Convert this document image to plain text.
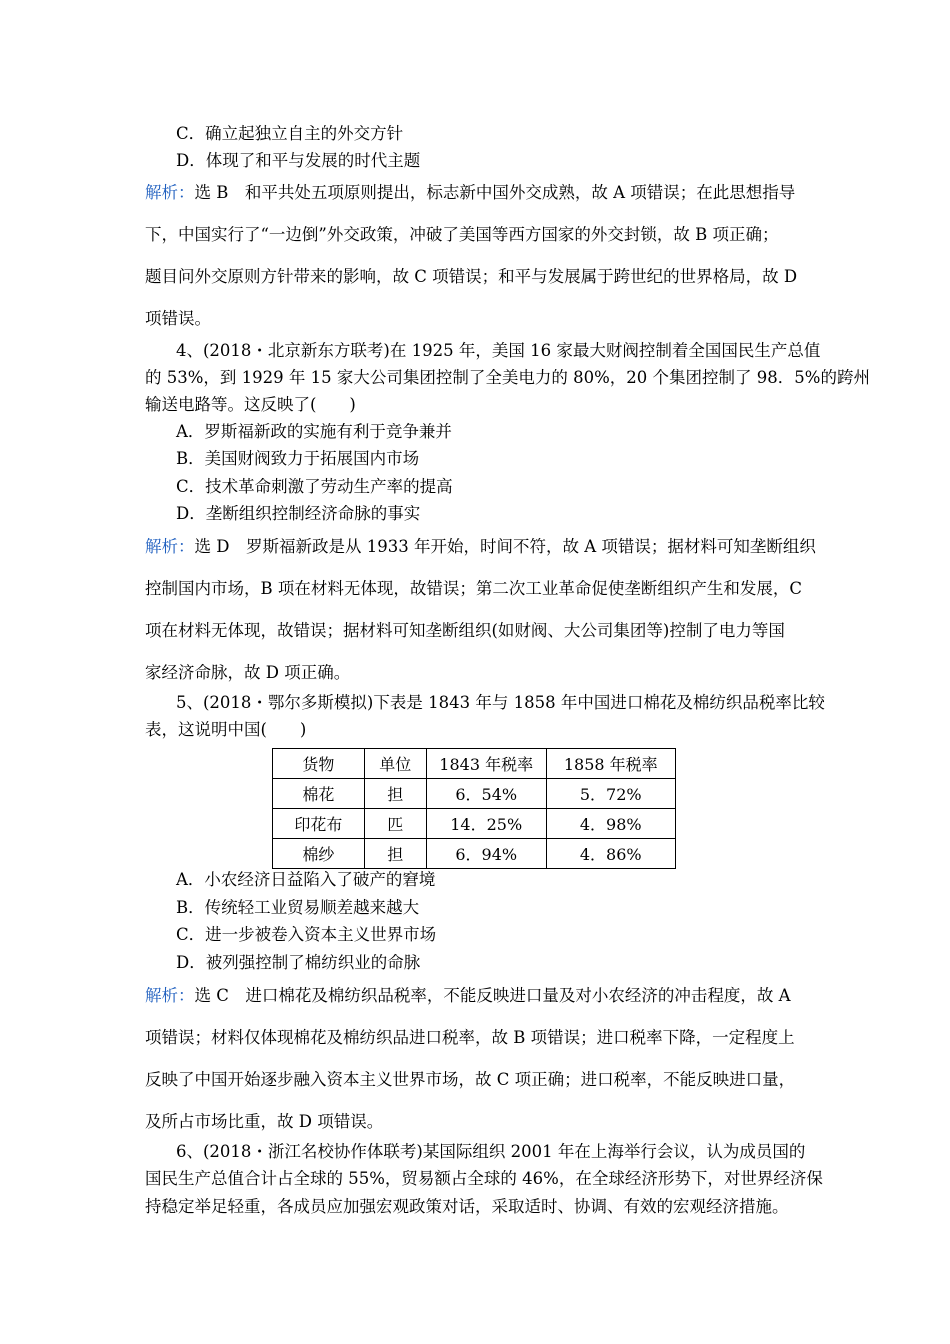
C．确立起独立自主的外交方针
D．体现了和平与发展的时代主题
解析：选 B　和平共处五项原则提出，标志新中国外交成熟，故 A 项错误；在此思想指导
下，中国实行了“一边倒”外交政策，冲破了美国等西方国家的外交封锁，故 B 项正确；
题目问外交原则方针带来的影响，故 C 项错误；和平与发展属于跨世纪的世界格局，故 D
项错误。
4、(2018・北京新东方联考)在 1925 年，美国 16 家最大财阀控制着全国国民生产总值
的 53%，到 1929 年 15 家大公司集团控制了全美电力的 80%，20 个集团控制了 98．5%的跨州
输送电路等。这反映了(　　)
A．罗斯福新政的实施有利于竞争兼并
B．美国财阀致力于拓展国内市场
C．技术革命刺激了劳动生产率的提高
D．垄断组织控制经济命脉的事实
解析：选 D　罗斯福新政是从 1933 年开始，时间不符，故 A 项错误；据材料可知垄断组织
控制国内市场，B 项在材料无体现，故错误；第二次工业革命促使垄断组织产生和发展，C
项在材料无体现，故错误；据材料可知垄断组织(如财阀、大公司集团等)控制了电力等国
家经济命脉，故 D 项正确。
5、(2018・鄂尔多斯模拟)下表是 1843 年与 1858 年中国进口棉花及棉纺织品税率比较
表，这说明中国(　　)
货物	单位	1843 年税率	1858 年税率
棉花	担	6．54%	5．72%
印花布	匹	14．25%	4．98%
棉纱	担	6．94%	4．86%
A．小农经济日益陷入了破产的窘境
B．传统轻工业贸易顺差越来越大
C．进一步被卷入资本主义世界市场
D．被列强控制了棉纺织业的命脉
解析：选 C　进口棉花及棉纺织品税率，不能反映进口量及对小农经济的冲击程度，故 A
项错误；材料仅体现棉花及棉纺织品进口税率，故 B 项错误；进口税率下降，一定程度上
反映了中国开始逐步融入资本主义世界市场，故 C 项正确；进口税率，不能反映进口量，
及所占市场比重，故 D 项错误。
6、(2018・浙江名校协作体联考)某国际组织 2001 年在上海举行会议，认为成员国的
国民生产总值合计占全球的 55%，贸易额占全球的 46%，在全球经济形势下，对世界经济保
持稳定举足轻重，各成员应加强宏观政策对话，采取适时、协调、有效的宏观经济措施。
